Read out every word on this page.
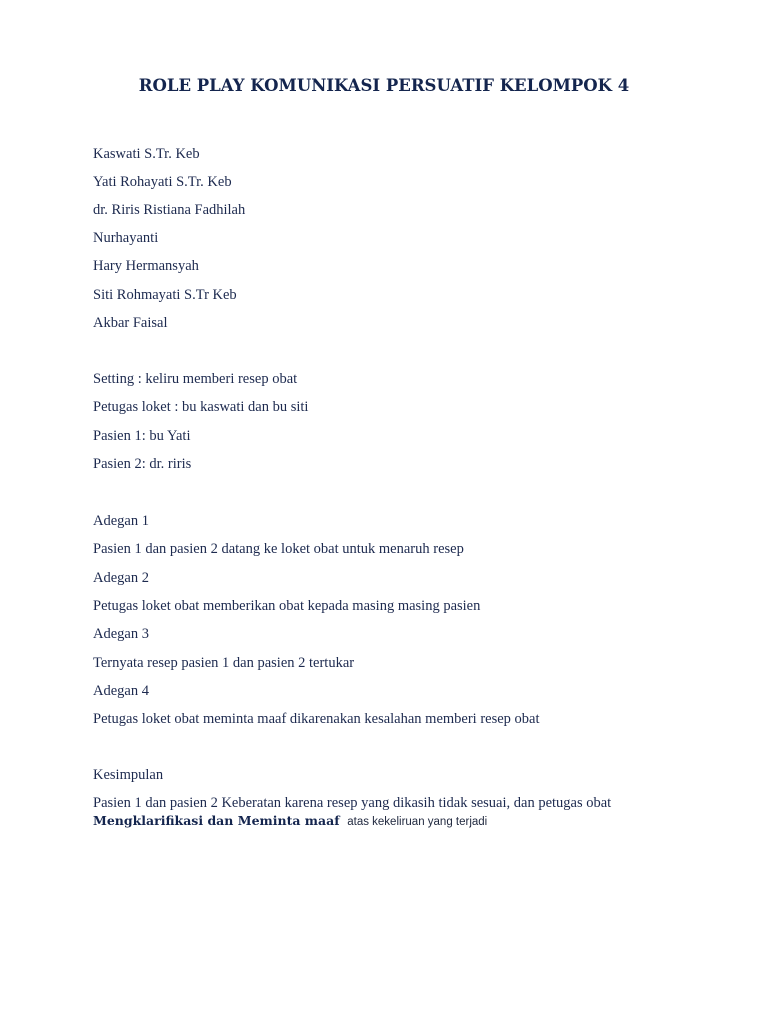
ROLE PLAY KOMUNIKASI PERSUATIF KELOMPOK 4
Kaswati S.Tr. Keb
Yati Rohayati S.Tr. Keb
dr. Riris Ristiana Fadhilah
Nurhayanti
Hary Hermansyah
Siti Rohmayati S.Tr Keb
Akbar Faisal
Setting : keliru memberi resep obat
Petugas loket : bu kaswati dan bu siti
Pasien 1: bu Yati
Pasien 2: dr. riris
Adegan 1
Pasien 1 dan pasien 2 datang ke loket obat untuk menaruh resep
Adegan 2
Petugas loket obat memberikan obat kepada masing masing pasien
Adegan 3
Ternyata resep pasien 1 dan pasien 2 tertukar
Adegan 4
Petugas loket obat meminta maaf dikarenakan kesalahan memberi resep obat
Kesimpulan
Pasien 1 dan pasien 2 Keberatan karena resep yang dikasih tidak sesuai, dan petugas obat
Mengklarifikasi dan Meminta maaf atas kekeliruan yang terjadi
